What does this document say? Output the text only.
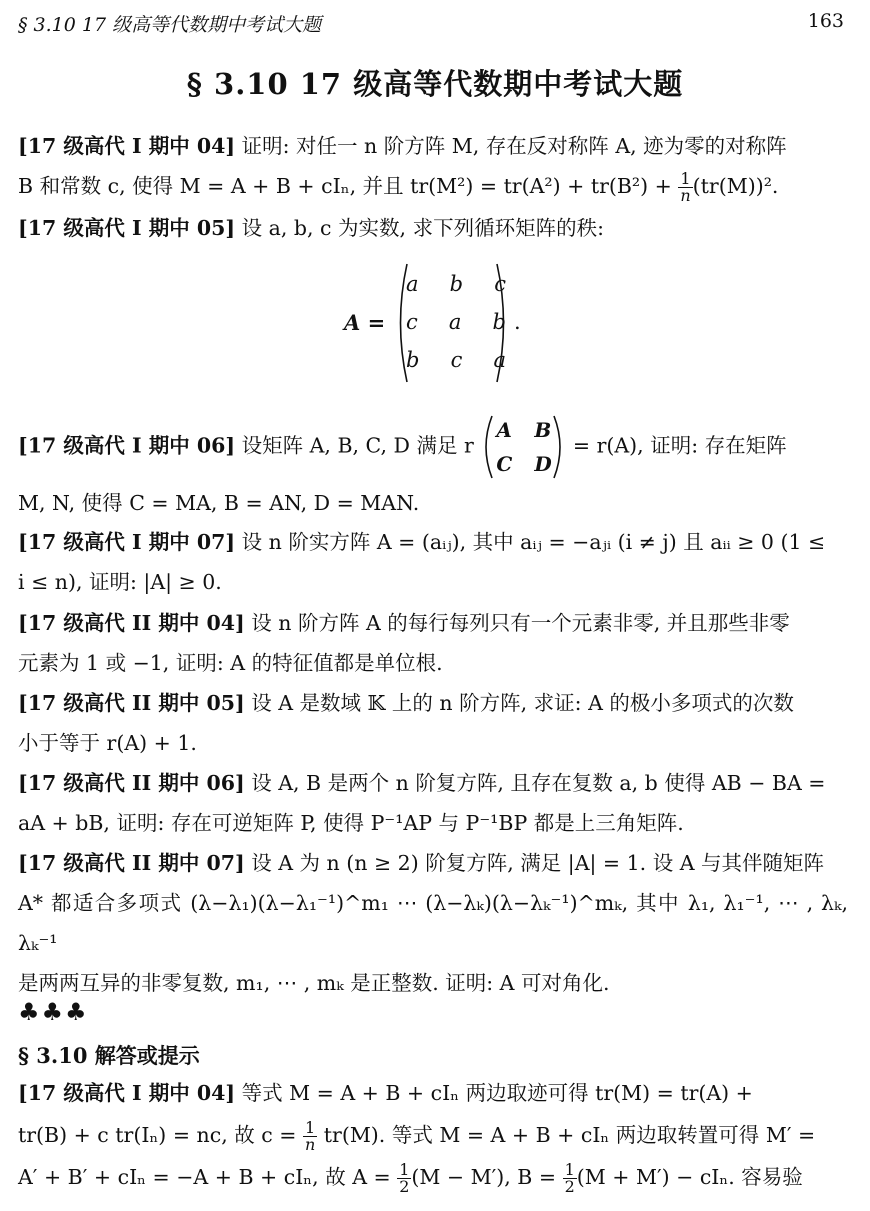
§ 3.10 17 级高等代数期中考试大题	163
§ 3.10 17 级高等代数期中考试大题
[17 级高代 I 期中 04] 证明: 对任一 n 阶方阵 M, 存在反对称阵 A, 迹为零的对称阵
B 和常数 c, 使得 M = A + B + cIₙ, 并且 $tr(M^2) = tr(A^2) + tr(B^2) + \frac{1}{n} (tr(M))^2$.
[17 级高代 I 期中 05] 设 a, b, c 为实数, 求下列循环矩阵的秩:
A =
a b c
c a b
b c a
.
[17 级高代 I 期中 06] 设矩阵 A, B, C, D 满足 r
A B
C D
= r(A), 证明: 存在矩阵
M, N, 使得 C = MA, B = AN, D = MAN.
[17 级高代 I 期中 07] 设 n 阶实方阵 A = (aᵢⱼ), 其中 aᵢⱼ = −aⱼᵢ (i ≠ j) 且 aᵢᵢ ≥ 0 (1 ≤
i ≤ n), 证明: |A| ≥ 0.
[17 级高代 II 期中 04] 设 n 阶方阵 A 的每行每列只有一个元素非零, 并且那些非零
元素为 1 或 −1, 证明: A 的特征值都是单位根.
[17 级高代 II 期中 05] 设 A 是数域 𝕂 上的 n 阶方阵, 求证: A 的极小多项式的次数
小于等于 r(A) + 1.
[17 级高代 II 期中 06] 设 A, B 是两个 n 阶复方阵, 且存在复数 a, b 使得 AB − BA =
aA + bB, 证明: 存在可逆矩阵 P, 使得 P⁻¹AP 与 P⁻¹BP 都是上三角矩阵.
[17 级高代 II 期中 07] 设 A 为 n (n ≥ 2) 阶复方阵, 满足 |A| = 1. 设 A 与其伴随矩阵
A* 都适合多项式 (λ−λ₁)(λ−λ₁⁻¹)^m₁ ⋯ (λ−λₖ)(λ−λₖ⁻¹)^mₖ, 其中 λ₁, λ₁⁻¹, ⋯ , λₖ, λₖ⁻¹
是两两互异的非零复数, m₁, ⋯ , mₖ 是正整数. 证明: A 可对角化.
♣♣♣
§ 3.10 解答或提示
[17 级高代 I 期中 04] 等式 M = A + B + cIₙ 两边取迹可得 tr(M) = tr(A) +
tr(B) + c tr(Iₙ) = nc, 故 $c = \frac{1}{n} tr(M)$. 等式 M = A + B + cIₙ 两边取转置可得 M′ =
A′ + B′ + cIₙ = −A + B + cIₙ, 故 $A = \frac{1}{2} (M - M')$, $B = \frac{1}{2} (M + M') - cI_n$. 容易验
